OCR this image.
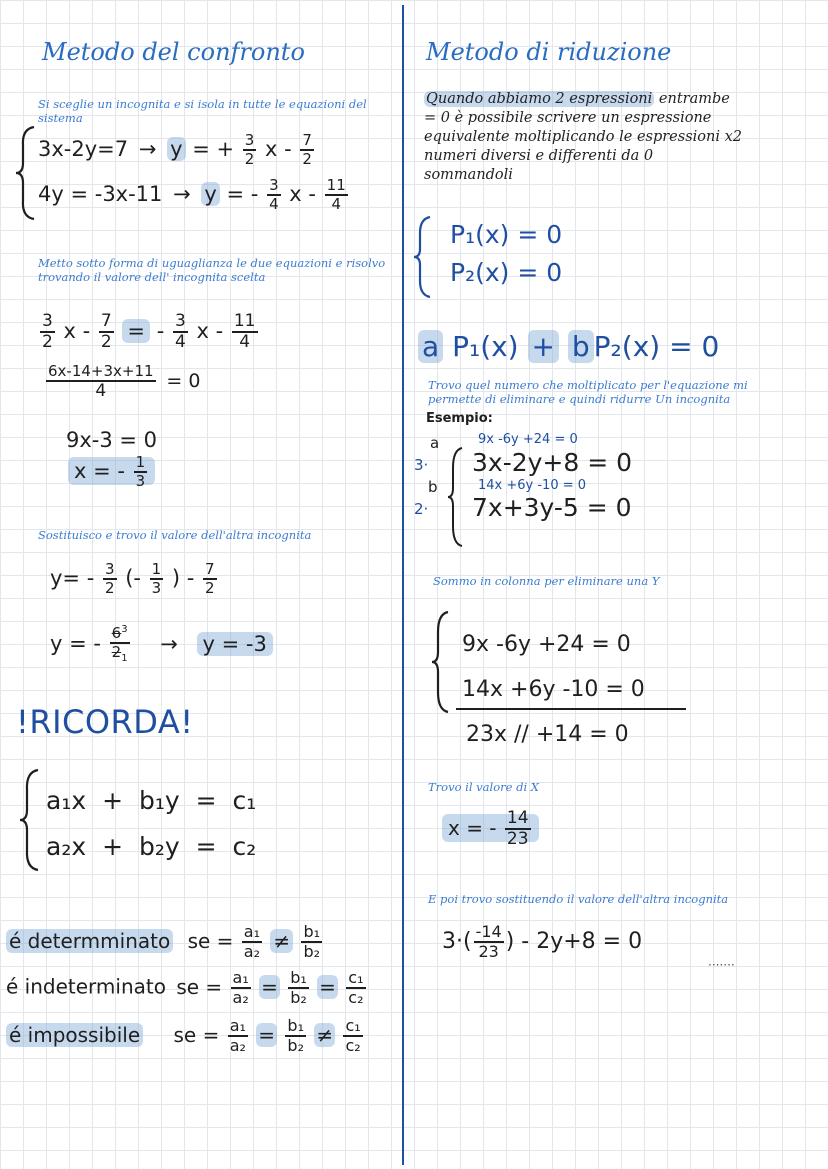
Metodo del confronto
Si sceglie un incognita e si isola in tutte le equazioni del sistema
3x-2y=7 → y = + $\frac{3}{2}$ x - $\frac{7}{2}$
4y = -3x-11 → y = - $\frac{3}{4}$ x - $\frac{11}{4}$
Metto sotto forma di uguaglianza le due equazioni e risolvo trovando il valore dell' incognita scelta
$\frac{3}{2}$ x - $\frac{7}{2}$ = - $\frac{3}{4}$ x - $\frac{11}{4}$
$\frac{6x-14+3x+11}{4} = 0$
9x-3 = 0
x = - $\frac{1}{3}$
Sostituisco e trovo il valore dell'altra incognita
$y= - \frac{3}{2}$ (- $\frac{1}{3}$ ) - $\frac{7}{2}$
y = - $\frac{6^3}{2_1} \to y = -3$
!RICORDA!
a₁x + b₁y = c₁
a₂x + b₂y = c₂
é determminato se = $\frac{\text{a₁}}{\text{a₂}} \ne \frac{\text{b₁}}{\text{b₂}}$
é indeterminato se = $\frac{\text{a₁}}{\text{a₂}} = \frac{\text{b₁}}{\text{b₂}} = \frac{\text{c₁}}{\text{c₂}}$
é impossibile se = $\frac{\text{a₁}}{\text{a₂}} = \frac{\text{b₁}}{\text{b₂}} \ne \frac{\text{c₁}}{\text{c₂}}$
Metodo di riduzione
Quando abbiamo 2 espressioni entrambe = 0 è possibile scrivere un espressione equivalente moltiplicando le espressioni x2 numeri diversi e differenti da 0 sommandoli
P₁(x) = 0
P₂(x) = 0
a P₁(x) + b P₂(x) = 0
Trovo quel numero che moltiplicato per l'equazione mi permette di eliminare e quindi ridurre Un incognita
Esempio:
a
3·
b
2·
9x -6y +24 = 0
3x-2y+8 = 0
14x +6y -10 = 0
7x+3y-5 = 0
Sommo in colonna per eliminare una Y
9x -6y +24 = 0
14x +6y -10 = 0
23x // +14 = 0
Trovo il valore di X
x = - $\frac{14}{23}$
E poi trovo sostituendo il valore dell'altra incognita
$3\cdot( \frac{-14}{23}$ ) - 2y+8 = 0
·······
